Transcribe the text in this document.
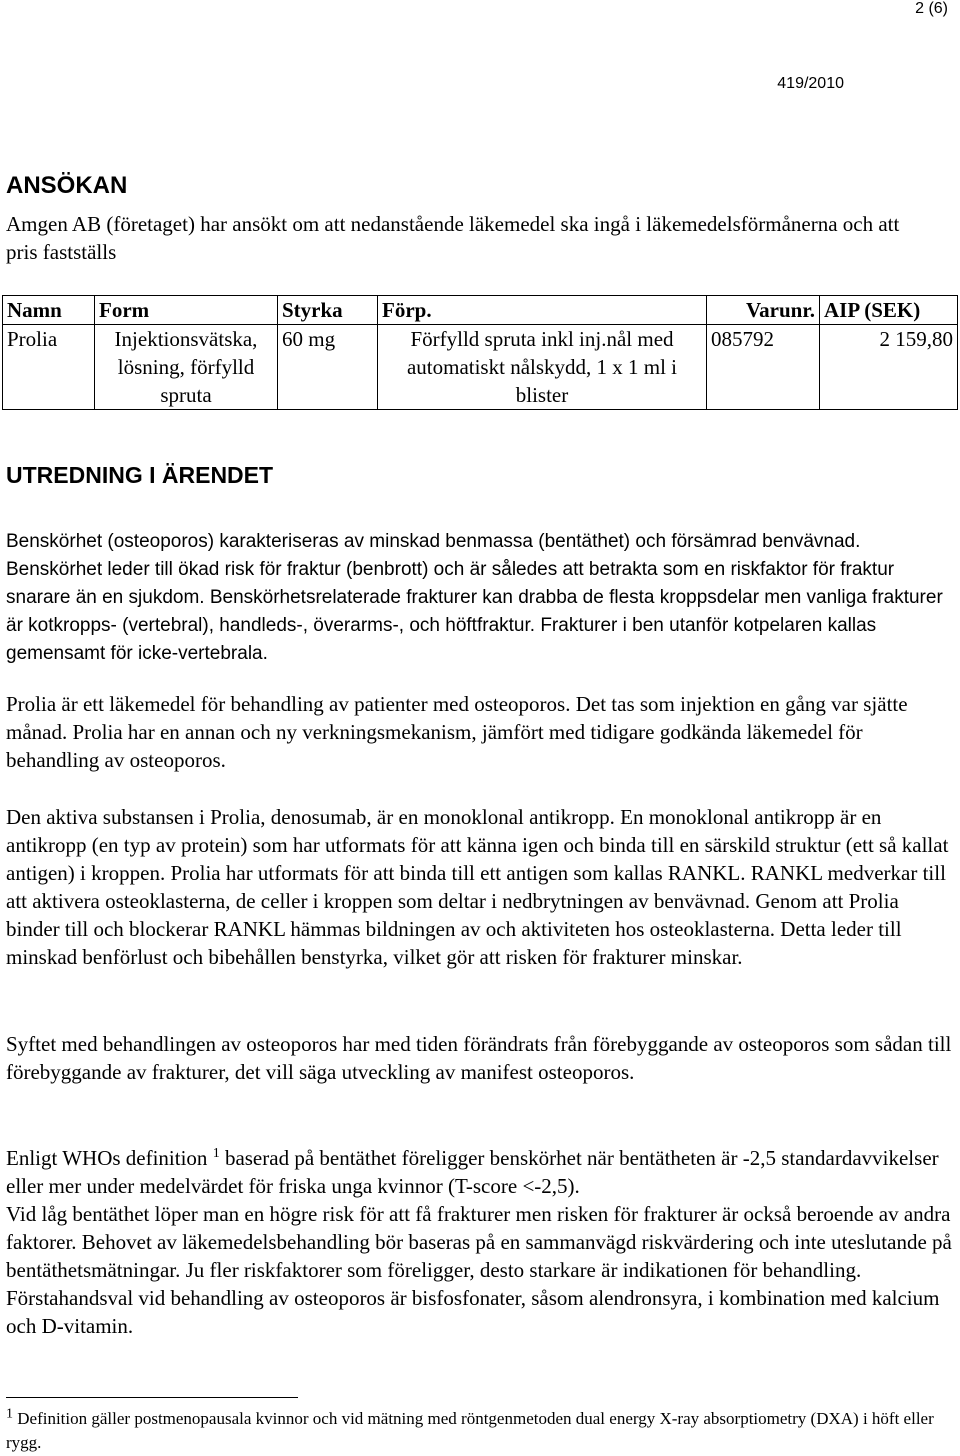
2 (6)
419/2010
ANSÖKAN

Amgen AB (företaget) har ansökt om att nedanstående läkemedel ska ingå i läkemedelsförmånerna och att pris fastställs

Namn	Form	Styrka	Förp.	Varunr.	AIP (SEK)
Prolia	Injektionsvätska, lösning, förfylld spruta	60 mg	Förfylld spruta inkl inj.nål med automatiskt nålskydd, 1 x 1 ml i blister	085792	2 159,80
UTREDNING I ÄRENDET

Benskörhet (osteoporos) karakteriseras av minskad benmassa (bentäthet) och försämrad benvävnad. Benskörhet leder till ökad risk för fraktur (benbrott) och är således att betrakta som en riskfaktor för fraktur snarare än en sjukdom. Benskörhetsrelaterade frakturer kan drabba de flesta kroppsdelar men vanliga frakturer är kotkropps- (vertebral), handleds-, överarms-, och höftfraktur. Frakturer i ben utanför kotpelaren kallas gemensamt för icke-vertebrala.

Prolia är ett läkemedel för behandling av patienter med osteoporos. Det tas som injektion en gång var sjätte månad. Prolia har en annan och ny verkningsmekanism, jämfört med tidigare godkända läkemedel för behandling av osteoporos.

Den aktiva substansen i Prolia, denosumab, är en monoklonal antikropp. En monoklonal antikropp är en antikropp (en typ av protein) som har utformats för att känna igen och binda till en särskild struktur (ett så kallat antigen) i kroppen. Prolia har utformats för att binda till ett antigen som kallas RANKL. RANKL medverkar till att aktivera osteoklasterna, de celler i kroppen som deltar i nedbrytningen av benvävnad. Genom att Prolia binder till och blockerar RANKL hämmas bildningen av och aktiviteten hos osteoklasterna. Detta leder till minskad benförlust och bibehållen benstyrka, vilket gör att risken för frakturer minskar.

Syftet med behandlingen av osteoporos har med tiden förändrats från förebyggande av osteoporos som sådan till förebyggande av frakturer, det vill säga utveckling av manifest osteoporos.

Enligt WHOs definition $^1$ baserad på bentäthet föreligger benskörhet när bentätheten är -2,5 standardavvikelser eller mer under medelvärdet för friska unga kvinnor (T-score <-2,5).

Vid låg bentäthet löper man en högre risk för att få frakturer men risken för frakturer är också beroende av andra faktorer. Behovet av läkemedelsbehandling bör baseras på en sammanvägd riskvärdering och inte uteslutande på bentäthetsmätningar. Ju fler riskfaktorer som föreligger, desto starkare är indikationen för behandling. Förstahandsval vid behandling av osteoporos är bisfosfonater, såsom alendronsyra, i kombination med kalcium och D-vitamin.

$^1$ Definition gäller postmenopausala kvinnor och vid mätning med röntgenmetoden dual energy X-ray absorptiometry (DXA) i höft eller rygg.
